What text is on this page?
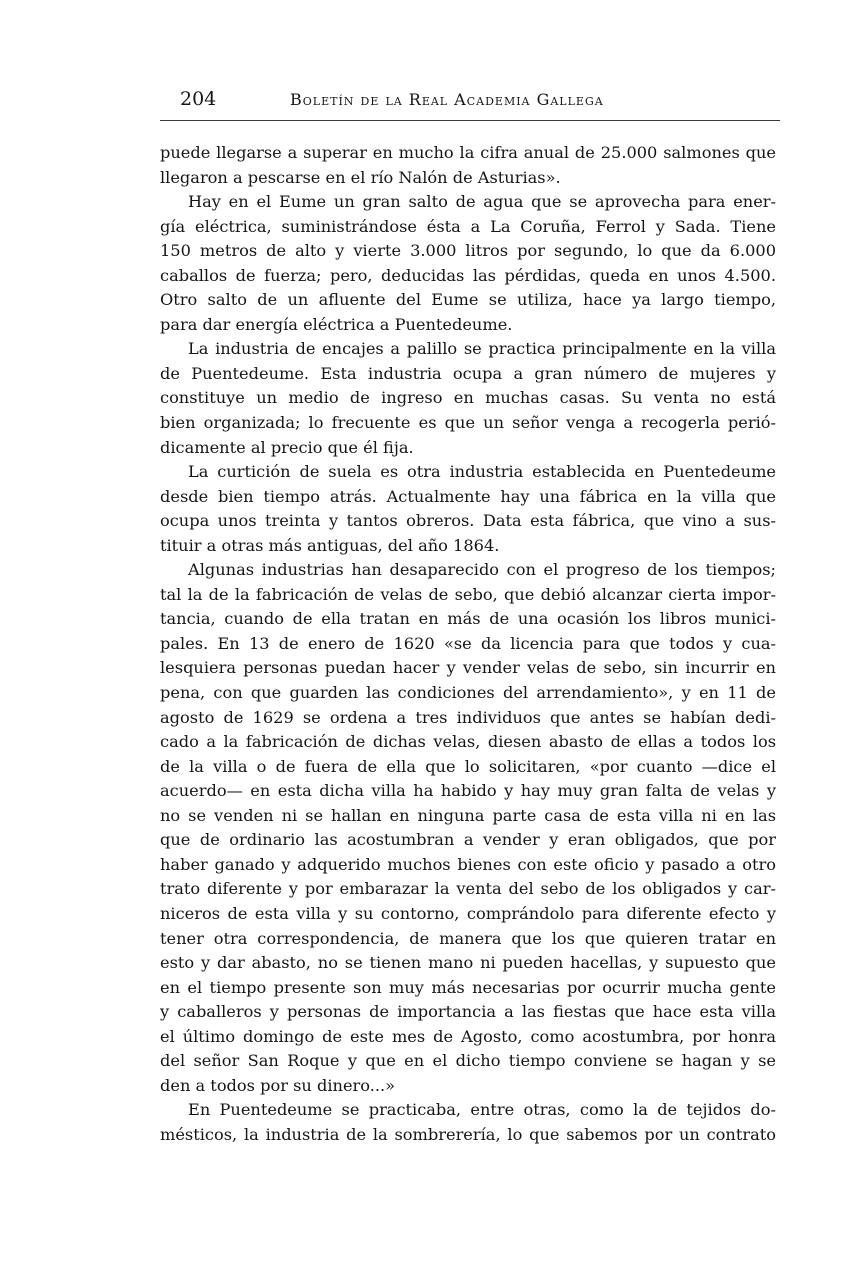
204	Boletín de la Real Academia Gallega
puede llegarse a superar en mucho la cifra anual de 25.000 salmones que
llegaron a pescarse en el río Nalón de Asturias».
Hay en el Eume un gran salto de agua que se aprovecha para ener-
gía eléctrica, suministrándose ésta a La Coruña, Ferrol y Sada. Tiene
150 metros de alto y vierte 3.000 litros por segundo, lo que da 6.000
caballos de fuerza; pero, deducidas las pérdidas, queda en unos 4.500.
Otro salto de un afluente del Eume se utiliza, hace ya largo tiempo,
para dar energía eléctrica a Puentedeume.
La industria de encajes a palillo se practica principalmente en la villa
de Puentedeume. Esta industria ocupa a gran número de mujeres y
constituye un medio de ingreso en muchas casas. Su venta no está
bien organizada; lo frecuente es que un señor venga a recogerla perió-
dicamente al precio que él fija.
La curtición de suela es otra industria establecida en Puentedeume
desde bien tiempo atrás. Actualmente hay una fábrica en la villa que
ocupa unos treinta y tantos obreros. Data esta fábrica, que vino a sus-
tituir a otras más antiguas, del año 1864.
Algunas industrias han desaparecido con el progreso de los tiempos;
tal la de la fabricación de velas de sebo, que debió alcanzar cierta impor-
tancia, cuando de ella tratan en más de una ocasión los libros munici-
pales. En 13 de enero de 1620 «se da licencia para que todos y cua-
lesquiera personas puedan hacer y vender velas de sebo, sin incurrir en
pena, con que guarden las condiciones del arrendamiento», y en 11 de
agosto de 1629 se ordena a tres individuos que antes se habían dedi-
cado a la fabricación de dichas velas, diesen abasto de ellas a todos los
de la villa o de fuera de ella que lo solicitaren, «por cuanto —dice el
acuerdo— en esta dicha villa ha habido y hay muy gran falta de velas y
no se venden ni se hallan en ninguna parte casa de esta villa ni en las
que de ordinario las acostumbran a vender y eran obligados, que por
haber ganado y adquerido muchos bienes con este oficio y pasado a otro
trato diferente y por embarazar la venta del sebo de los obligados y car-
niceros de esta villa y su contorno, comprándolo para diferente efecto y
tener otra correspondencia, de manera que los que quieren tratar en
esto y dar abasto, no se tienen mano ni pueden hacellas, y supuesto que
en el tiempo presente son muy más necesarias por ocurrir mucha gente
y caballeros y personas de importancia a las fiestas que hace esta villa
el último domingo de este mes de Agosto, como acostumbra, por honra
del señor San Roque y que en el dicho tiempo conviene se hagan y se
den a todos por su dinero...»
En Puentedeume se practicaba, entre otras, como la de tejidos do-
mésticos, la industria de la sombrerería, lo que sabemos por un contrato
